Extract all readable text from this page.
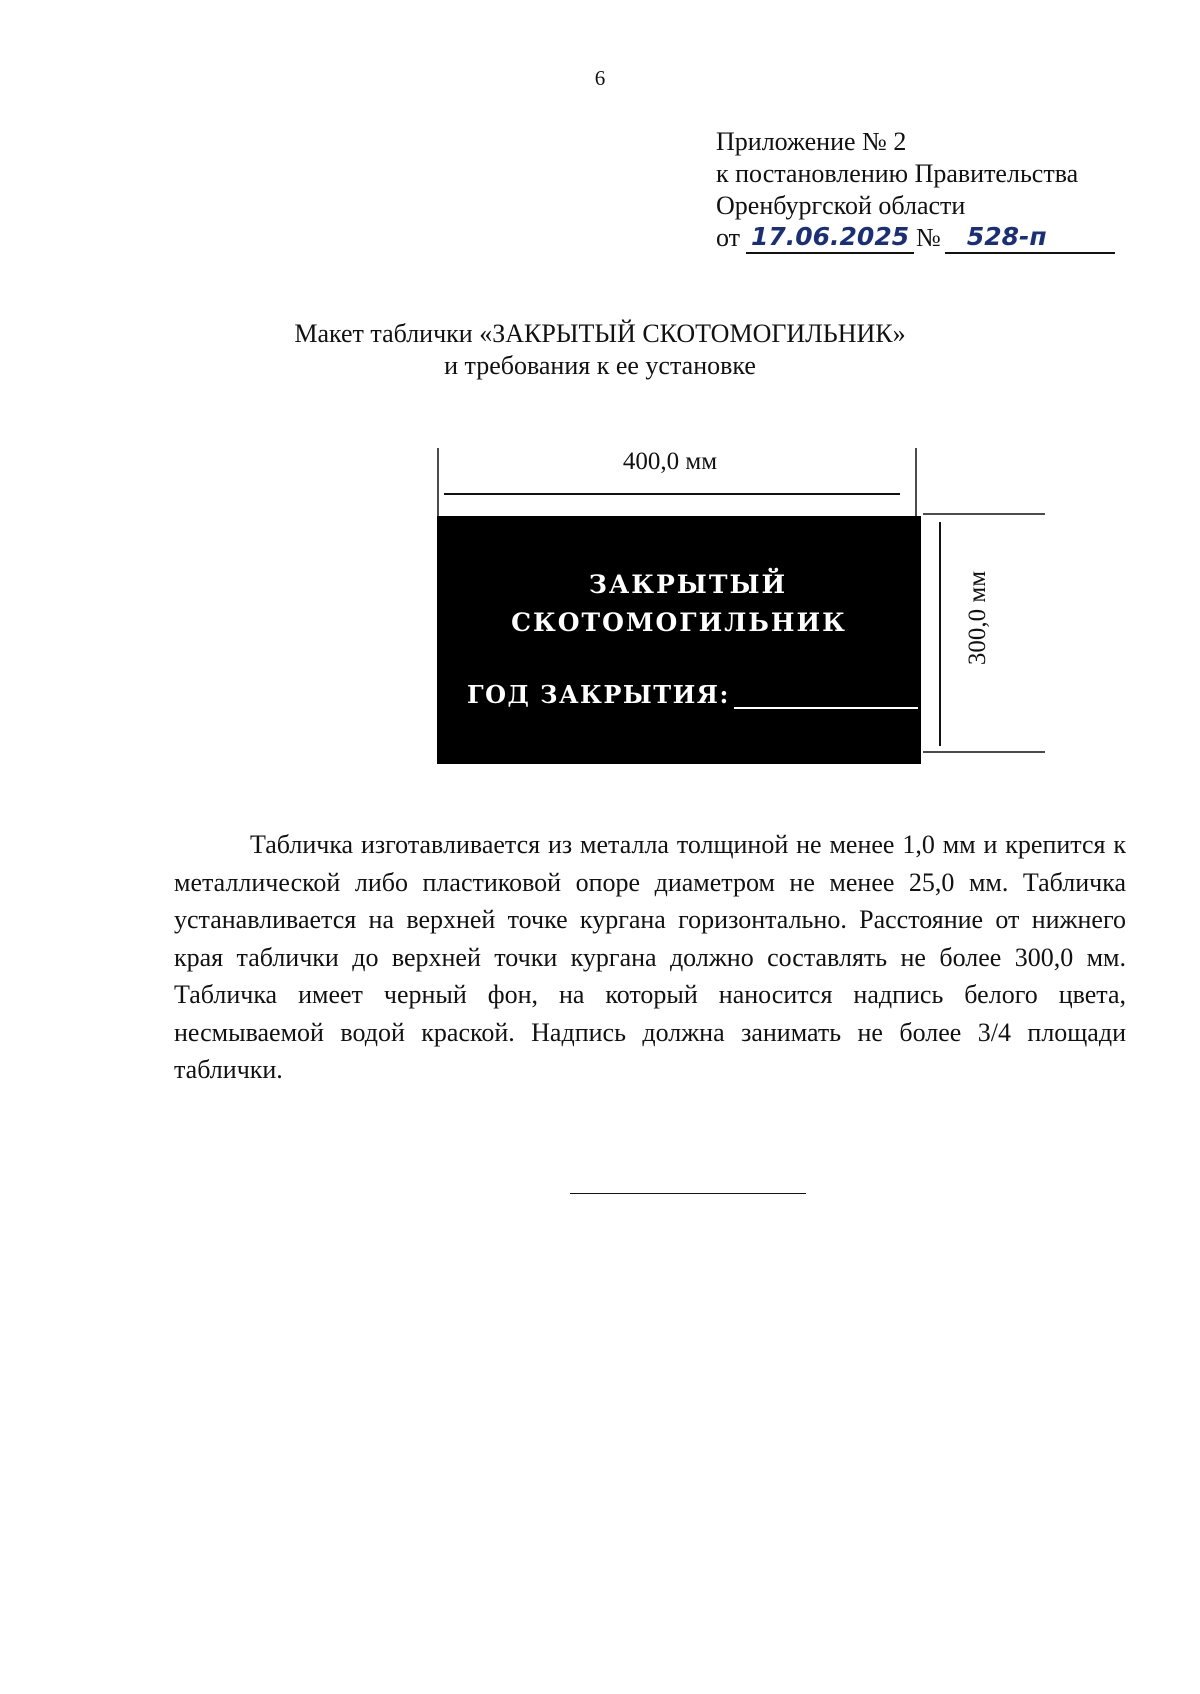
6
Приложение № 2
к постановлению Правительства
Оренбургской области
от 17.06.2025 №	528-п
Макет таблички «ЗАКРЫТЫЙ СКОТОМОГИЛЬНИК»
и требования к ее установке
400,0 мм
300,0 мм
ЗАКРЫТЫЙ
СКОТОМОГИЛЬНИК
ГОД ЗАКРЫТИЯ:

Табличка изготавливается из металла толщиной не менее 1,0 мм и крепится к металлической либо пластиковой опоре диаметром не менее 25,0 мм. Табличка устанавливается на верхней точке кургана горизонтально. Расстояние от нижнего края таблички до верхней точки кургана должно составлять не более 300,0 мм. Табличка имеет черный фон, на который наносится надпись белого цвета, несмываемой водой краской. Надпись должна занимать не более 3/4 площади таблички.
